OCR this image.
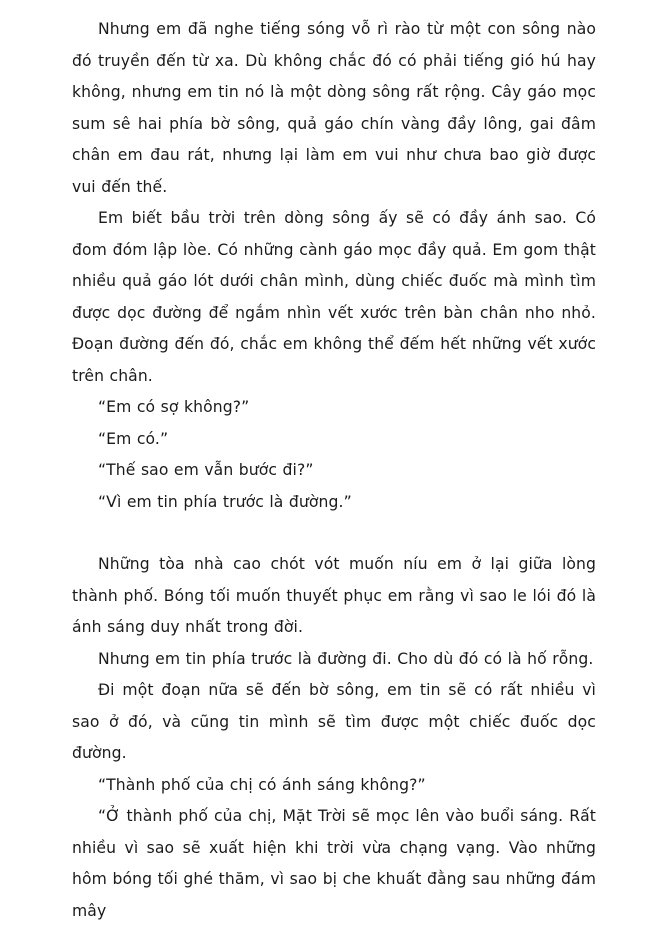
Nhưng em đã nghe tiếng sóng vỗ rì rào từ một con sông nào đó truyền đến từ xa. Dù không chắc đó có phải tiếng gió hú hay không, nhưng em tin nó là một dòng sông rất rộng. Cây gáo mọc sum sê hai phía bờ sông, quả gáo chín vàng đầy lông, gai đâm chân em đau rát, nhưng lại làm em vui như chưa bao giờ được vui đến thế.

Em biết bầu trời trên dòng sông ấy sẽ có đầy ánh sao. Có đom đóm lập lòe. Có những cành gáo mọc đầy quả. Em gom thật nhiều quả gáo lót dưới chân mình, dùng chiếc đuốc mà mình tìm được dọc đường để ngắm nhìn vết xước trên bàn chân nho nhỏ. Đoạn đường đến đó, chắc em không thể đếm hết những vết xước trên chân.

“Em có sợ không?”

“Em có.”

“Thế sao em vẫn bước đi?”

“Vì em tin phía trước là đường.”

Những tòa nhà cao chót vót muốn níu em ở lại giữa lòng thành phố. Bóng tối muốn thuyết phục em rằng vì sao le lói đó là ánh sáng duy nhất trong đời.

Nhưng em tin phía trước là đường đi. Cho dù đó có là hố rỗng.

Đi một đoạn nữa sẽ đến bờ sông, em tin sẽ có rất nhiều vì sao ở đó, và cũng tin mình sẽ tìm được một chiếc đuốc dọc đường.

“Thành phố của chị có ánh sáng không?”

“Ở thành phố của chị, Mặt Trời sẽ mọc lên vào buổi sáng. Rất nhiều vì sao sẽ xuất hiện khi trời vừa chạng vạng. Vào những hôm bóng tối ghé thăm, vì sao bị che khuất đằng sau những đám mây
